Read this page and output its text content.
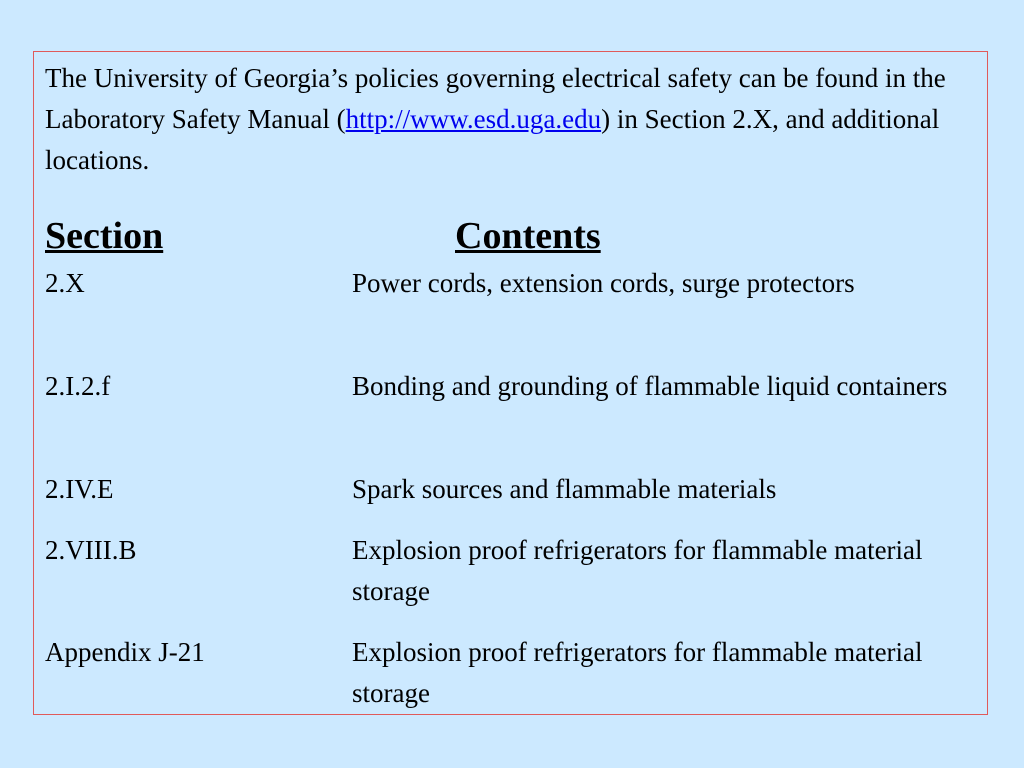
The University of Georgia’s policies governing electrical safety can be found in the Laboratory Safety Manual (http://www.esd.uga.edu) in Section 2.X, and additional locations.

Section	Contents
2.X	Power cords, extension cords, surge protectors
2.I.2.f	Bonding and grounding of flammable liquid containers
2.IV.E	Spark sources and flammable materials
2.VIII.B	Explosion proof refrigerators for flammable material storage
Appendix J-21	Explosion proof refrigerators for flammable material storage
